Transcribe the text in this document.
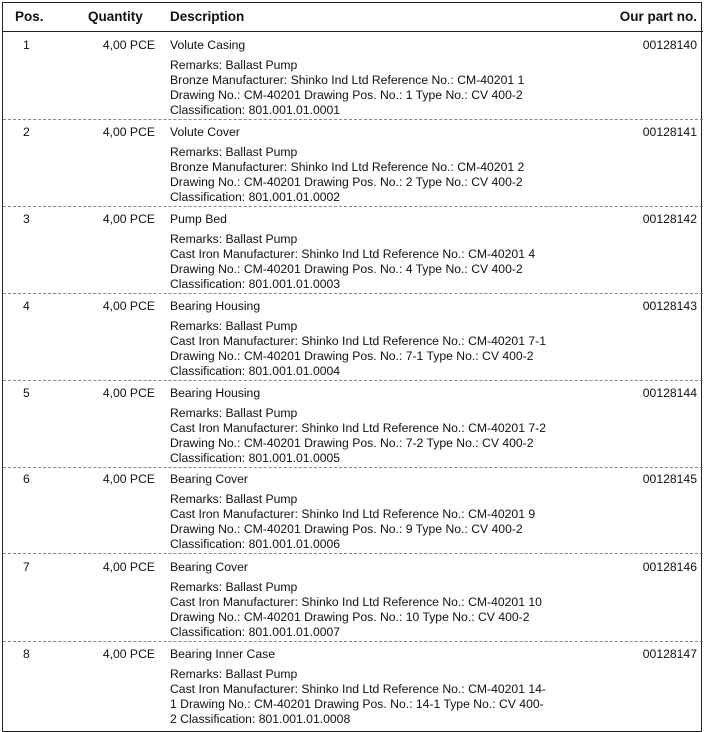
Pos.	Quantity Description	Our part no.
1	4,00 PCE Volute Casing
Remarks: Ballast Pump
Bronze Manufacturer: Shinko Ind Ltd Reference No.: CM-40201 1 Drawing No.: CM-40201 Drawing Pos. No.: 1 Type No.: CV 400-2 Classification: 801.001.01.0001
00128140
2	4,00 PCE Volute Cover
Remarks: Ballast Pump
Bronze Manufacturer: Shinko Ind Ltd Reference No.: CM-40201 2 Drawing No.: CM-40201 Drawing Pos. No.: 2 Type No.: CV 400-2 Classification: 801.001.01.0002
00128141
3	4,00 PCE Pump Bed
Remarks: Ballast Pump
Cast Iron Manufacturer: Shinko Ind Ltd Reference No.: CM-40201 4 Drawing No.: CM-40201 Drawing Pos. No.: 4 Type No.: CV 400-2 Classification: 801.001.01.0003
00128142
4	4,00 PCE Bearing Housing
Remarks: Ballast Pump
Cast Iron Manufacturer: Shinko Ind Ltd Reference No.: CM-40201 7-1 Drawing No.: CM-40201 Drawing Pos. No.: 7-1 Type No.: CV 400-2 Classification: 801.001.01.0004
00128143
5	4,00 PCE Bearing Housing
Remarks: Ballast Pump
Cast Iron Manufacturer: Shinko Ind Ltd Reference No.: CM-40201 7-2 Drawing No.: CM-40201 Drawing Pos. No.: 7-2 Type No.: CV 400-2 Classification: 801.001.01.0005
00128144
6	4,00 PCE Bearing Cover
Remarks: Ballast Pump
Cast Iron Manufacturer: Shinko Ind Ltd Reference No.: CM-40201 9 Drawing No.: CM-40201 Drawing Pos. No.: 9 Type No.: CV 400-2 Classification: 801.001.01.0006
00128145
7	4,00 PCE Bearing Cover
Remarks: Ballast Pump
Cast Iron Manufacturer: Shinko Ind Ltd Reference No.: CM-40201 10 Drawing No.: CM-40201 Drawing Pos. No.: 10 Type No.: CV 400-2 Classification: 801.001.01.0007
00128146
8	4,00 PCE Bearing Inner Case
Remarks: Ballast Pump
Cast Iron Manufacturer: Shinko Ind Ltd Reference No.: CM-40201 14-1 Drawing No.: CM-40201 Drawing Pos. No.: 14-1 Type No.: CV 400-2 Classification: 801.001.01.0008
00128147
